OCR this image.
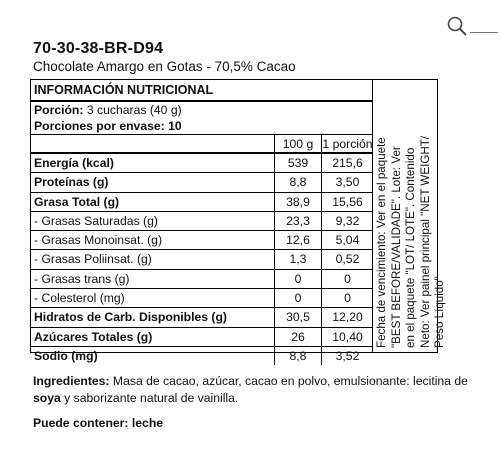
70-30-38-BR-D94
Chocolate Amargo en Gotas - 70,5% Cacao
INFORMACIÓN NUTRICIONAL
Porción: 3 cucharas (40 g)
Porciones por envase: 10
100 g 1 porción
Energía (kcal)	539	215,6
Proteínas (g)	8,8	3,50
Grasa Total (g)	38,9	15,56
- Grasas Saturadas (g)	23,3	9,32
- Grasas Monoinsat. (g)	12,6	5,04
- Grasas Poliinsat. (g)	1,3	0,52
- Grasas trans (g)	0	0
- Colesterol (mg)	0	0
Hidratos de Carb. Disponibles (g)	30,5	12,20
Azúcares Totales (g)	26	10,40
Sodio (mg)	8,8	3,52
Fecha de vencimiento: Ver en el paquete "BEST BEFORE/VALIDADE". Lote: Ver en el paquete "LOT/ LOTE". Contenido Neto: Ver painel principal "NET WEIGHT/ Peso Líquido"
Ingredientes: Masa de cacao, azúcar, cacao en polvo, emulsionante: lecitina de soya y saborizante natural de vainilla.
Puede contener: leche
